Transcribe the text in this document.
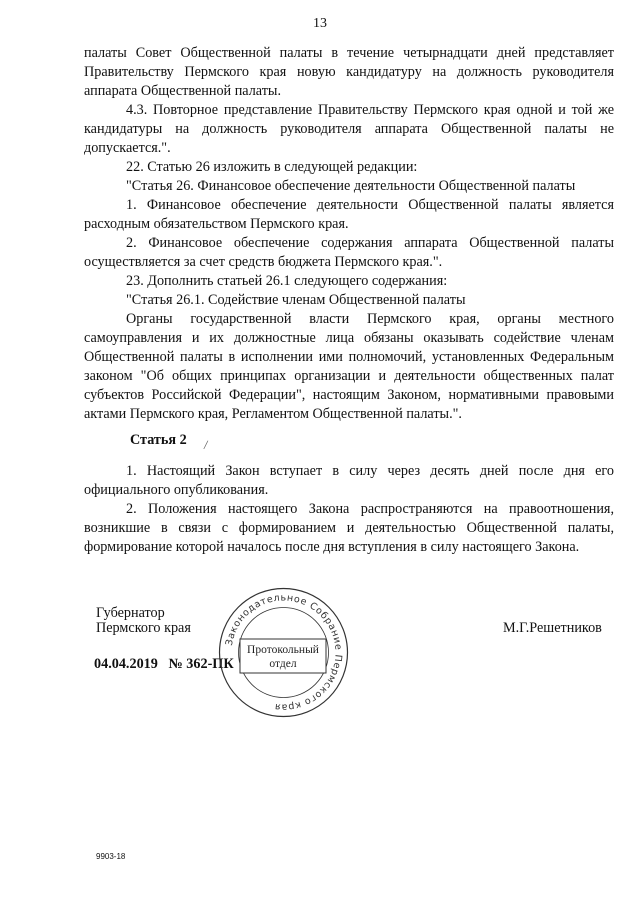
13

палаты Совет Общественной палаты в течение четырнадцати дней представляет Правительству Пермского края новую кандидатуру на должность руководителя аппарата Общественной палаты.

4.3. Повторное представление Правительству Пермского края одной и той же кандидатуры на должность руководителя аппарата Общественной палаты не допускается.".

22. Статью 26 изложить в следующей редакции:

"Статья 26. Финансовое обеспечение деятельности Общественной палаты

1. Финансовое обеспечение деятельности Общественной палаты является расходным обязательством Пермского края.

2. Финансовое обеспечение содержания аппарата Общественной палаты осуществляется за счет средств бюджета Пермского края.".

23. Дополнить статьей 26.1 следующего содержания:

"Статья 26.1. Содействие членам Общественной палаты

Органы государственной власти Пермского края, органы местного самоуправления и их должностные лица обязаны оказывать содействие членам Общественной палаты в исполнении ими полномочий, установленных Федеральным законом "Об общих принципах организации и деятельности общественных палат субъектов Российской Федерации", настоящим Законом, нормативными правовыми актами Пермского края, Регламентом Общественной палаты.".

Статья 2 /

1. Настоящий Закон вступает в силу через десять дней после дня его официального опубликования.

2. Положения настоящего Закона распространяются на правоотношения, возникшие в связи с формированием и деятельностью Общественной палаты, формирование которой началось после дня вступления в силу настоящего Закона.

Губернатор
Пермского края	М.Г.Решетников
04.04.2019 № 362-ПК
Законодательное Собрание Пермского края
Протокольный
отдел
9903-18
